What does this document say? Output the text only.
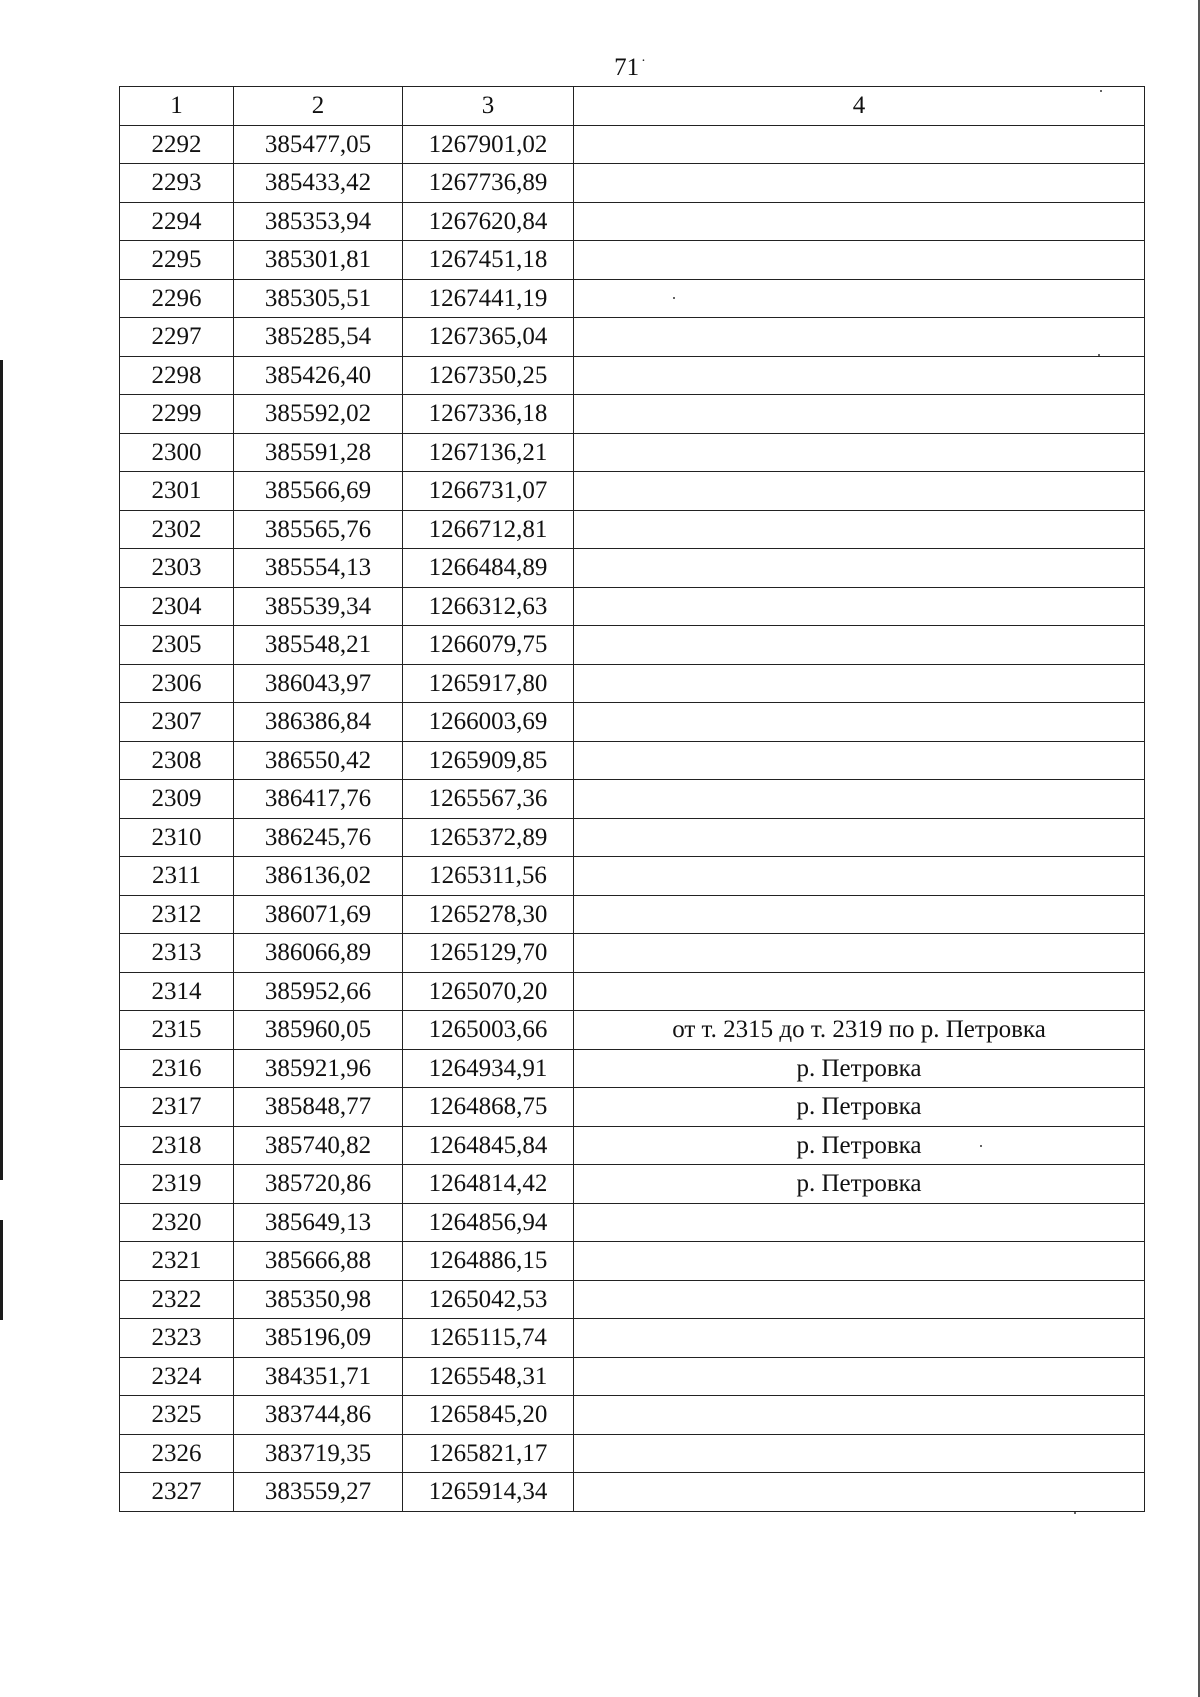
71 ·
1	2	3	4
2292	385477,05	1267901,02	
2293	385433,42	1267736,89	
2294	385353,94	1267620,84	
2295	385301,81	1267451,18	
2296	385305,51	1267441,19	
2297	385285,54	1267365,04	
2298	385426,40	1267350,25	
2299	385592,02	1267336,18	
2300	385591,28	1267136,21	
2301	385566,69	1266731,07	
2302	385565,76	1266712,81	
2303	385554,13	1266484,89	
2304	385539,34	1266312,63	
2305	385548,21	1266079,75	
2306	386043,97	1265917,80	
2307	386386,84	1266003,69	
2308	386550,42	1265909,85	
2309	386417,76	1265567,36	
2310	386245,76	1265372,89	
2311	386136,02	1265311,56	
2312	386071,69	1265278,30	
2313	386066,89	1265129,70	
2314	385952,66	1265070,20	
2315	385960,05	1265003,66	от т. 2315 до т. 2319 по р. Петровка
2316	385921,96	1264934,91	р. Петровка
2317	385848,77	1264868,75	р. Петровка
2318	385740,82	1264845,84	р. Петровка
2319	385720,86	1264814,42	р. Петровка
2320	385649,13	1264856,94	
2321	385666,88	1264886,15	
2322	385350,98	1265042,53	
2323	385196,09	1265115,74	
2324	384351,71	1265548,31	
2325	383744,86	1265845,20	
2326	383719,35	1265821,17	
2327	383559,27	1265914,34	
